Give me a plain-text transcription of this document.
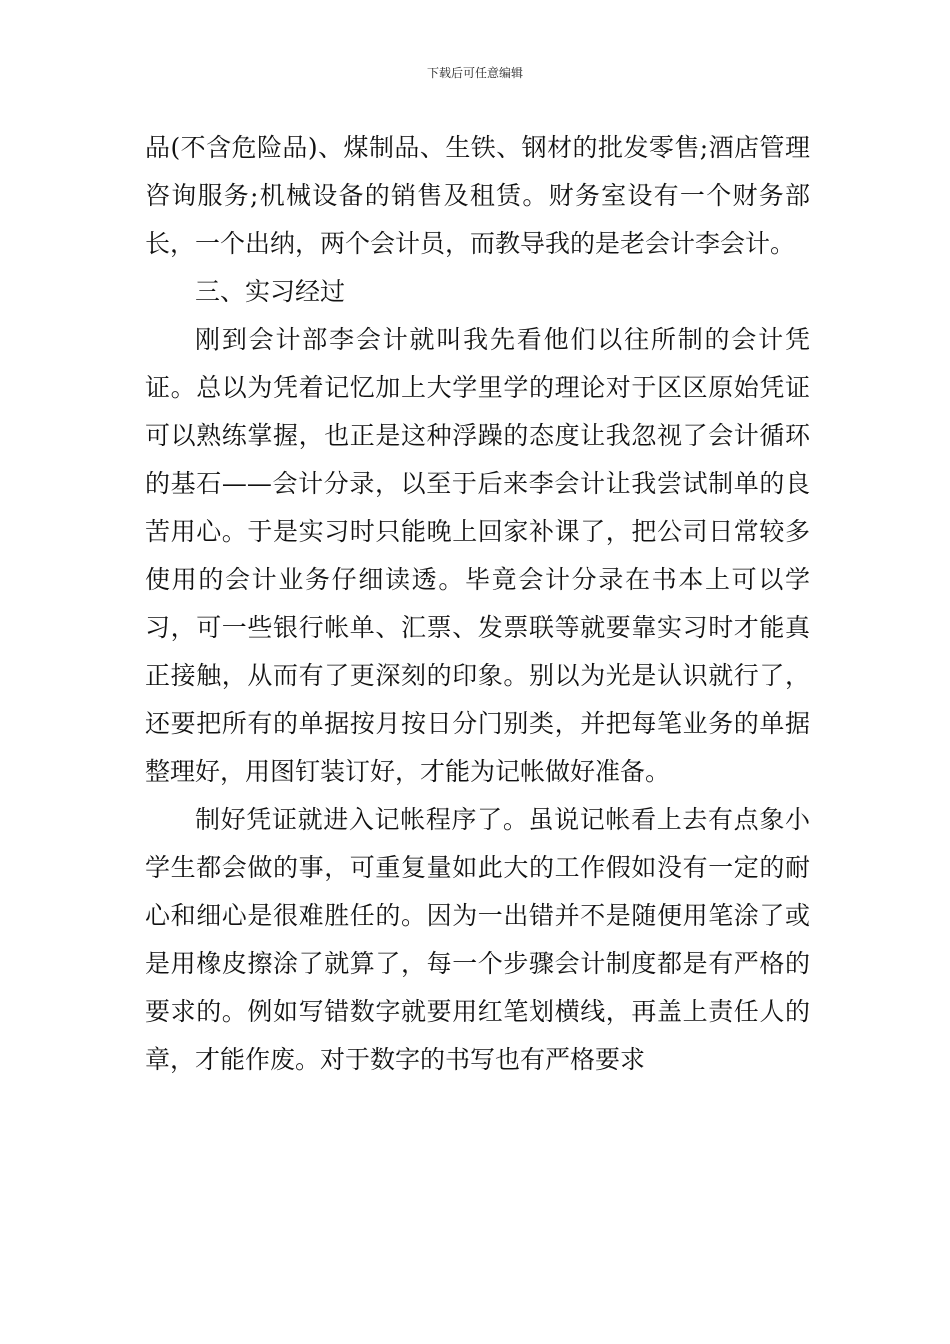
下载后可任意编辑

品(不含危险品)、煤制品、生铁、钢材的批发零售;酒店管理咨询服务;机械设备的销售及租赁。财务室设有一个财务部长，一个出纳，两个会计员，而教导我的是老会计李会计。

三、实习经过

刚到会计部李会计就叫我先看他们以往所制的会计凭证。总以为凭着记忆加上大学里学的理论对于区区原始凭证可以熟练掌握，也正是这种浮躁的态度让我忽视了会计循环的基石——会计分录，以至于后来李会计让我尝试制单的良苦用心。于是实习时只能晚上回家补课了，把公司日常较多使用的会计业务仔细读透。毕竟会计分录在书本上可以学习，可一些银行帐单、汇票、发票联等就要靠实习时才能真正接触，从而有了更深刻的印象。别以为光是认识就行了，还要把所有的单据按月按日分门别类，并把每笔业务的单据整理好，用图钉装订好，才能为记帐做好准备。

制好凭证就进入记帐程序了。虽说记帐看上去有点象小学生都会做的事，可重复量如此大的工作假如没有一定的耐心和细心是很难胜任的。因为一出错并不是随便用笔涂了或是用橡皮擦涂了就算了，每一个步骤会计制度都是有严格的要求的。例如写错数字就要用红笔划横线，再盖上责任人的章，才能作废。对于数字的书写也有严格要求
